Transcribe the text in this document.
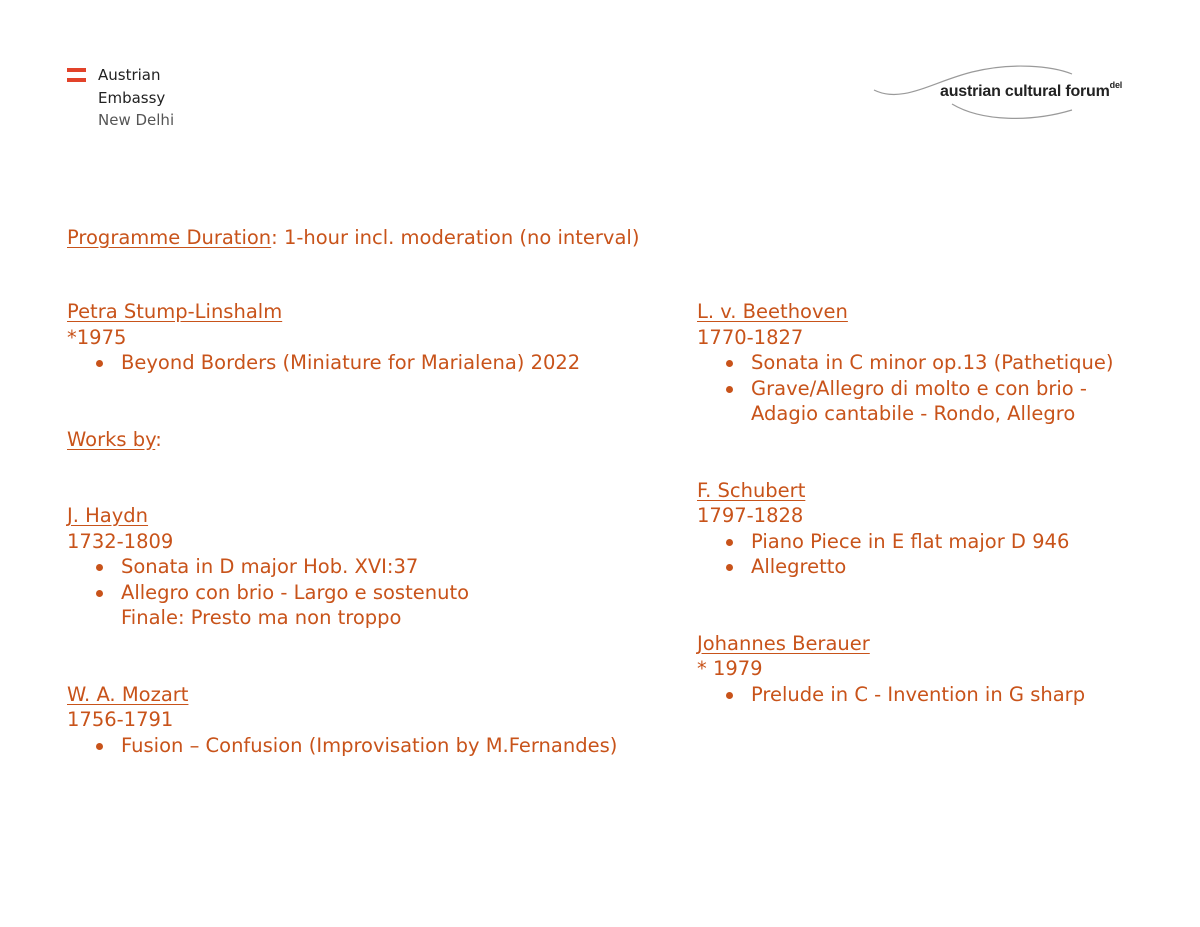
Austrian
Embassy
New Delhi
austrian cultural forum$^{del}$
Programme Duration: 1-hour incl. moderation (no interval)
Petra Stump-Linshalm
*1975
Beyond Borders (Miniature for Marialena) 2022
Works by:
J. Haydn
1732-1809
Sonata in D major Hob. XVI:37
Allegro con brio - Largo e sostenuto
Finale: Presto ma non troppo
W. A. Mozart
1756-1791
Fusion – Confusion (Improvisation by M.Fernandes)
L. v. Beethoven
1770-1827
Sonata in C minor op.13 (Pathetique)
Grave/Allegro di molto e con brio -
Adagio cantabile - Rondo, Allegro
F. Schubert
1797-1828
Piano Piece in E flat major D 946
Allegretto
Johannes Berauer
* 1979
Prelude in C - Invention in G sharp
